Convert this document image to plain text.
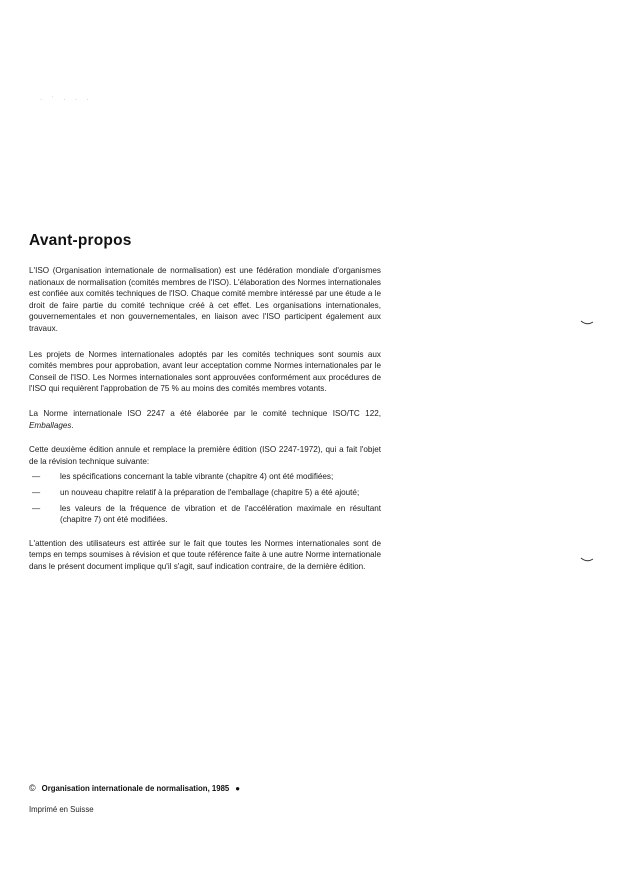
· ˙ · · ·
Avant-propos

L'ISO (Organisation internationale de normalisation) est une fédération mondiale d'organismes nationaux de normalisation (comités membres de l'ISO). L'élaboration des Normes internationales est confiée aux comités techniques de l'ISO. Chaque comité membre intéressé par une étude a le droit de faire partie du comité technique créé à cet effet. Les organisations internationales, gouvernementales et non gouvernementales, en liaison avec l'ISO participent également aux travaux.

Les projets de Normes internationales adoptés par les comités techniques sont soumis aux comités membres pour approbation, avant leur acceptation comme Normes internationales par le Conseil de l'ISO. Les Normes internationales sont approuvées conformément aux procédures de l'ISO qui requièrent l'approbation de 75 % au moins des comités membres votants.

La Norme internationale ISO 2247 a été élaborée par le comité technique ISO/TC 122, Emballages.

Cette deuxième édition annule et remplace la première édition (ISO 2247-1972), qui a fait l'objet de la révision technique suivante:

— les spécifications concernant la table vibrante (chapitre 4) ont été modifiées;
— un nouveau chapitre relatif à la préparation de l'emballage (chapitre 5) a été ajouté;
— les valeurs de la fréquence de vibration et de l'accélération maximale en résultant (chapitre 7) ont été modifiées.

L'attention des utilisateurs est attirée sur le fait que toutes les Normes internationales sont de temps en temps soumises à révision et que toute référence faite à une autre Norme internationale dans le présent document implique qu'il s'agit, sauf indication contraire, de la dernière édition.

© Organisation internationale de normalisation, 1985 ●
Imprimé en Suisse
